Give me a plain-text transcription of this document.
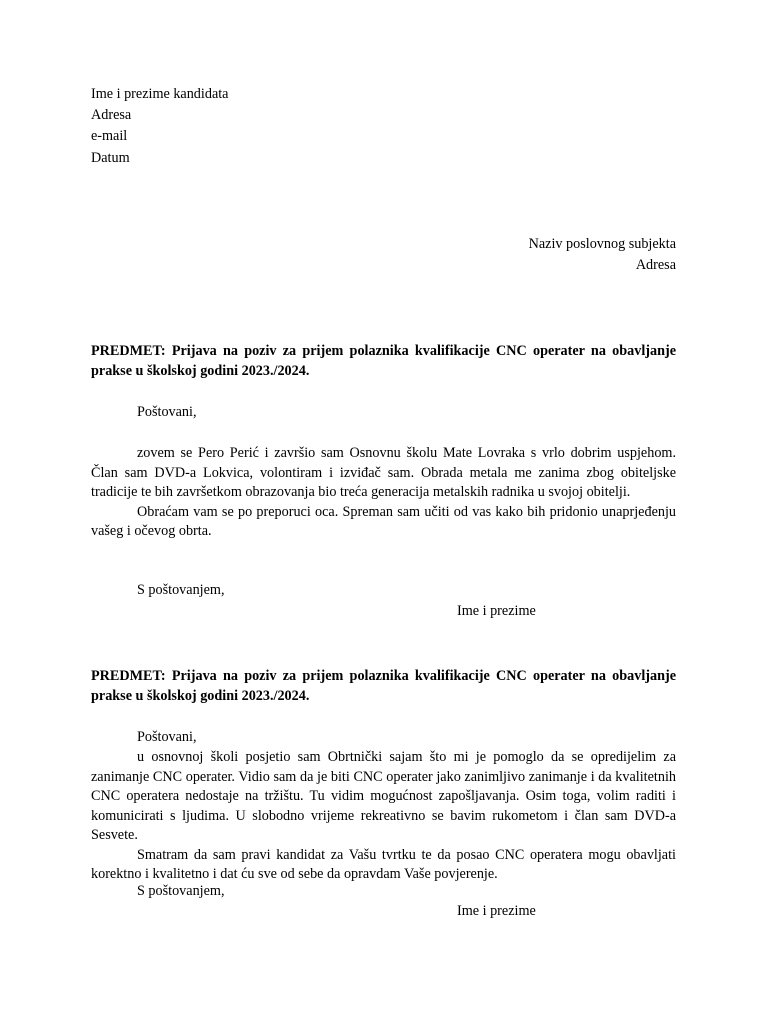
Ime i prezime kandidata
Adresa
e-mail
Datum
Naziv poslovnog subjekta
Adresa
PREDMET: Prijava na poziv za prijem polaznika kvalifikacije CNC operater na obavljanje prakse u školskoj godini 2023./2024.
Poštovani,

zovem se Pero Perić i završio sam Osnovnu školu Mate Lovraka s vrlo dobrim uspjehom. Član sam DVD-a Lokvica, volontiram i izviđač sam. Obrada metala me zanima zbog obiteljske tradicije te bih završetkom obrazovanja bio treća generacija metalskih radnika u svojoj obitelji.

Obraćam vam se po preporuci oca. Spreman sam učiti od vas kako bih pridonio unaprjeđenju vašeg i očevog obrta.

S poštovanjem,
Ime i prezime
PREDMET: Prijava na poziv za prijem polaznika kvalifikacije CNC operater na obavljanje prakse u školskoj godini 2023./2024.
Poštovani,

u osnovnoj školi posjetio sam Obrtnički sajam što mi je pomoglo da se opredijelim za zanimanje CNC operater. Vidio sam da je biti CNC operater jako zanimljivo zanimanje i da kvalitetnih CNC operatera nedostaje na tržištu. Tu vidim mogućnost zapošljavanja. Osim toga, volim raditi i komunicirati s ljudima. U slobodno vrijeme rekreativno se bavim rukometom i član sam DVD-a Sesvete.

Smatram da sam pravi kandidat za Vašu tvrtku te da posao CNC operatera mogu obavljati korektno i kvalitetno i dat ću sve od sebe da opravdam Vaše povjerenje.

S poštovanjem,
Ime i prezime
